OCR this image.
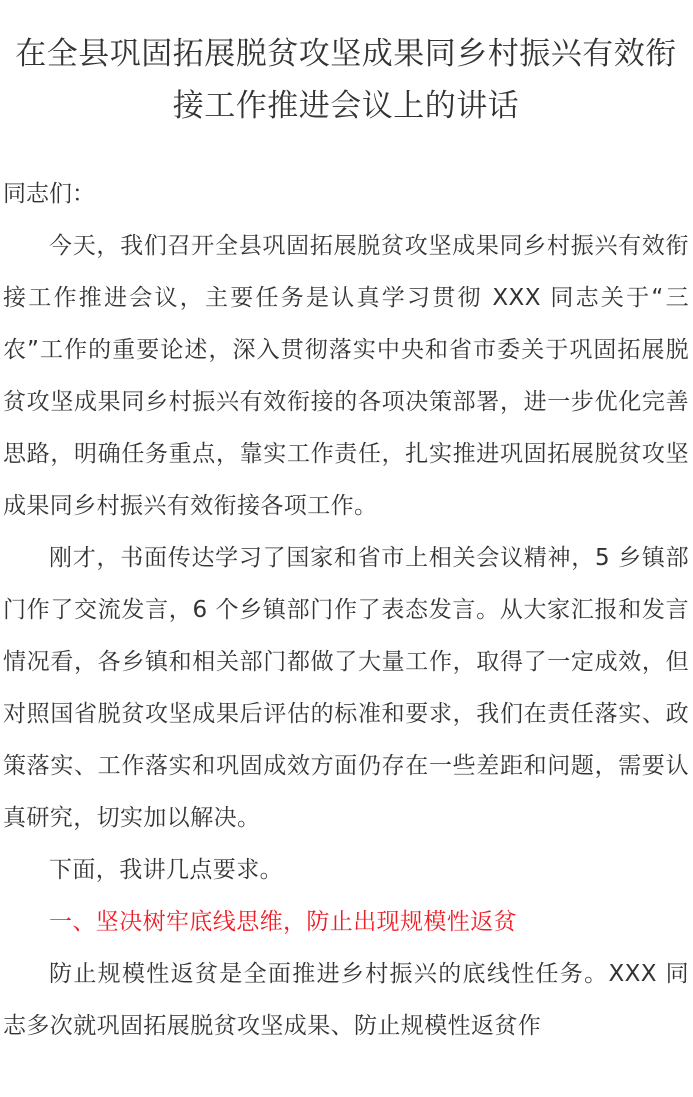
在全县巩固拓展脱贫攻坚成果同乡村振兴有效衔接工作推进会议上的讲话

同志们：

今天，我们召开全县巩固拓展脱贫攻坚成果同乡村振兴有效衔接工作推进会议，主要任务是认真学习贯彻 XXX 同志关于“三农”工作的重要论述，深入贯彻落实中央和省市委关于巩固拓展脱贫攻坚成果同乡村振兴有效衔接的各项决策部署，进一步优化完善思路，明确任务重点，靠实工作责任，扎实推进巩固拓展脱贫攻坚成果同乡村振兴有效衔接各项工作。

刚才，书面传达学习了国家和省市上相关会议精神，5 乡镇部门作了交流发言，6 个乡镇部门作了表态发言。从大家汇报和发言情况看，各乡镇和相关部门都做了大量工作，取得了一定成效，但对照国省脱贫攻坚成果后评估的标准和要求，我们在责任落实、政策落实、工作落实和巩固成效方面仍存在一些差距和问题，需要认真研究，切实加以解决。

下面，我讲几点要求。

一、坚决树牢底线思维，防止出现规模性返贫

防止规模性返贫是全面推进乡村振兴的底线性任务。XXX 同志多次就巩固拓展脱贫攻坚成果、防止规模性返贫作
